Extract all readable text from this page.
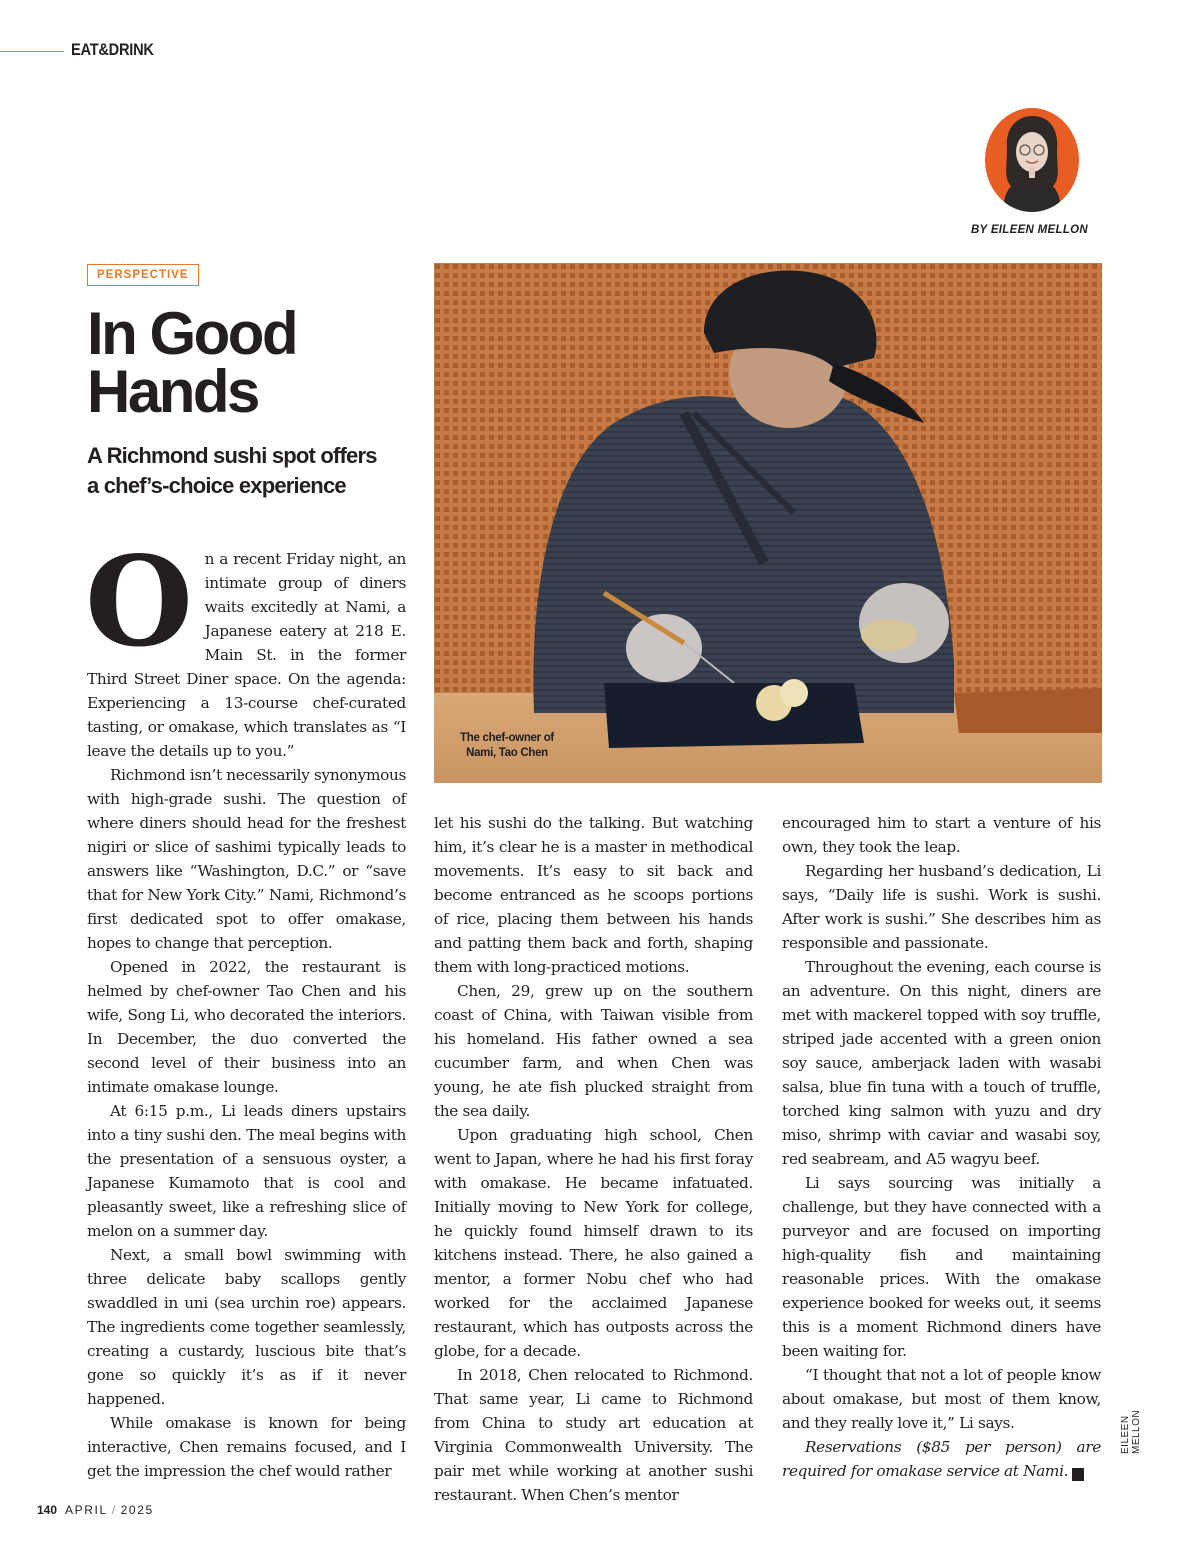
EAT&DRINK
BY EILEEN MELLON
PERSPECTIVE
In Good
Hands
A Richmond sushi spot offers
a chef’s-choice experience
The chef-owner of
Nami, Tao Chen
O n a recent Friday night, an intimate group of diners waits excitedly at Nami, a Japanese eatery at 218 E. Main St. in the former Third Street Diner space. On the agenda: Experiencing a 13-course chef-curated tasting, or omakase, which translates as “I leave the details up to you.”

Richmond isn’t necessarily synonymous with high-grade sushi. The question of where diners should head for the freshest nigiri or slice of sashimi typically leads to answers like “Washington, D.C.” or “save that for New York City.” Nami, Richmond’s first dedicated spot to offer omakase, hopes to change that perception.

Opened in 2022, the restaurant is helmed by chef-owner Tao Chen and his wife, Song Li, who decorated the interiors. In December, the duo converted the second level of their business into an intimate omakase lounge.

At 6:15 p.m., Li leads diners upstairs into a tiny sushi den. The meal begins with the presentation of a sensuous oyster, a Japanese Kumamoto that is cool and pleasantly sweet, like a refreshing slice of melon on a summer day.

Next, a small bowl swimming with three delicate baby scallops gently swaddled in uni (sea urchin roe) appears. The ingredients come together seamlessly, creating a custardy, luscious bite that’s gone so quickly it’s as if it never happened.

While omakase is known for being interactive, Chen remains focused, and I get the impression the chef would rather

let his sushi do the talking. But watching him, it’s clear he is a master in methodical movements. It’s easy to sit back and become entranced as he scoops portions of rice, placing them between his hands and patting them back and forth, shaping them with long-practiced motions.

Chen, 29, grew up on the southern coast of China, with Taiwan visible from his homeland. His father owned a sea cucumber farm, and when Chen was young, he ate fish plucked straight from the sea daily.

Upon graduating high school, Chen went to Japan, where he had his first foray with omakase. He became infatuated. Initially moving to New York for college, he quickly found himself drawn to its kitchens instead. There, he also gained a mentor, a former Nobu chef who had worked for the acclaimed Japanese restaurant, which has outposts across the globe, for a decade.

In 2018, Chen relocated to Richmond. That same year, Li came to Richmond from China to study art education at Virginia Commonwealth University. The pair met while working at another sushi restaurant. When Chen’s mentor

encouraged him to start a venture of his own, they took the leap.

Regarding her husband’s dedication, Li says, “Daily life is sushi. Work is sushi. After work is sushi.” She describes him as responsible and passionate.

Throughout the evening, each course is an adventure. On this night, diners are met with mackerel topped with soy truffle, striped jade accented with a green onion soy sauce, amberjack laden with wasabi salsa, blue fin tuna with a touch of truffle, torched king salmon with yuzu and dry miso, shrimp with caviar and wasabi soy, red seabream, and A5 wagyu beef.

Li says sourcing was initially a challenge, but they have connected with a purveyor and are focused on importing high-quality fish and maintaining reasonable prices. With the omakase experience booked for weeks out, it seems this is a moment Richmond diners have been waiting for.

“I thought that not a lot of people know about omakase, but most of them know, and they really love it,” Li says.

Reservations ($85 per person) are required for omakase service at Nami.	R

EILEEN MELLON
140 APRIL / 2025
